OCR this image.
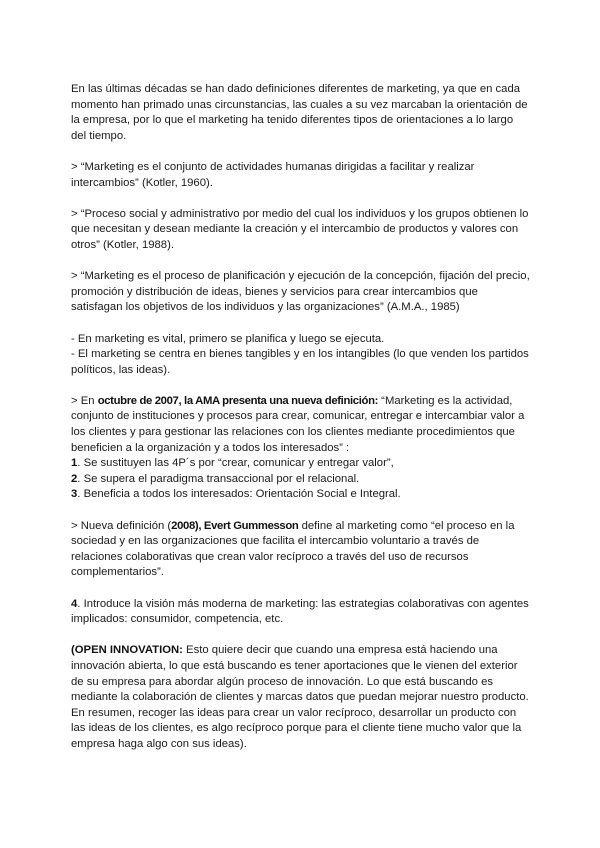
En las últimas décadas se han dado definiciones diferentes de marketing, ya que en cada momento han primado unas circunstancias, las cuales a su vez marcaban la orientación de la empresa, por lo que el marketing ha tenido diferentes tipos de orientaciones a lo largo del tiempo.

> “Marketing es el conjunto de actividades humanas dirigidas a facilitar y realizar intercambios” (Kotler, 1960).

> “Proceso social y administrativo por medio del cual los individuos y los grupos obtienen lo que necesitan y desean mediante la creación y el intercambio de productos y valores con otros” (Kotler, 1988).

> “Marketing es el proceso de planificación y ejecución de la concepción, fijación del precio, promoción y distribución de ideas, bienes y servicios para crear intercambios que satisfagan los objetivos de los individuos y las organizaciones” (A.M.A., 1985)

- En marketing es vital, primero se planifica y luego se ejecuta.

- El marketing se centra en bienes tangibles y en los intangibles (lo que venden los partidos políticos, las ideas).

> En octubre de 2007, la AMA presenta una nueva definición: “Marketing es la actividad, conjunto de instituciones y procesos para crear, comunicar, entregar e intercambiar valor a los clientes y para gestionar las relaciones con los clientes mediante procedimientos que beneficien a la organización y a todos los interesados” :
1. Se sustituyen las 4P´s por “crear, comunicar y entregar valor”,
2. Se supera el paradigma transaccional por el relacional.

3. Beneficia a todos los interesados: Orientación Social e Integral.

> Nueva definición (2008), Evert Gummesson define al marketing como “el proceso en la sociedad y en las organizaciones que facilita el intercambio voluntario a través de relaciones colaborativas que crean valor recíproco a través del uso de recursos complementarios”.

4. Introduce la visión más moderna de marketing: las estrategias colaborativas con agentes implicados: consumidor, competencia, etc.

(OPEN INNOVATION: Esto quiere decir que cuando una empresa está haciendo una innovación abierta, lo que está buscando es tener aportaciones que le vienen del exterior de su empresa para abordar algún proceso de innovación. Lo que está buscando es mediante la colaboración de clientes y marcas datos que puedan mejorar nuestro producto. En resumen, recoger las ideas para crear un valor recíproco, desarrollar un producto con las ideas de los clientes, es algo recíproco porque para el cliente tiene mucho valor que la empresa haga algo con sus ideas).
